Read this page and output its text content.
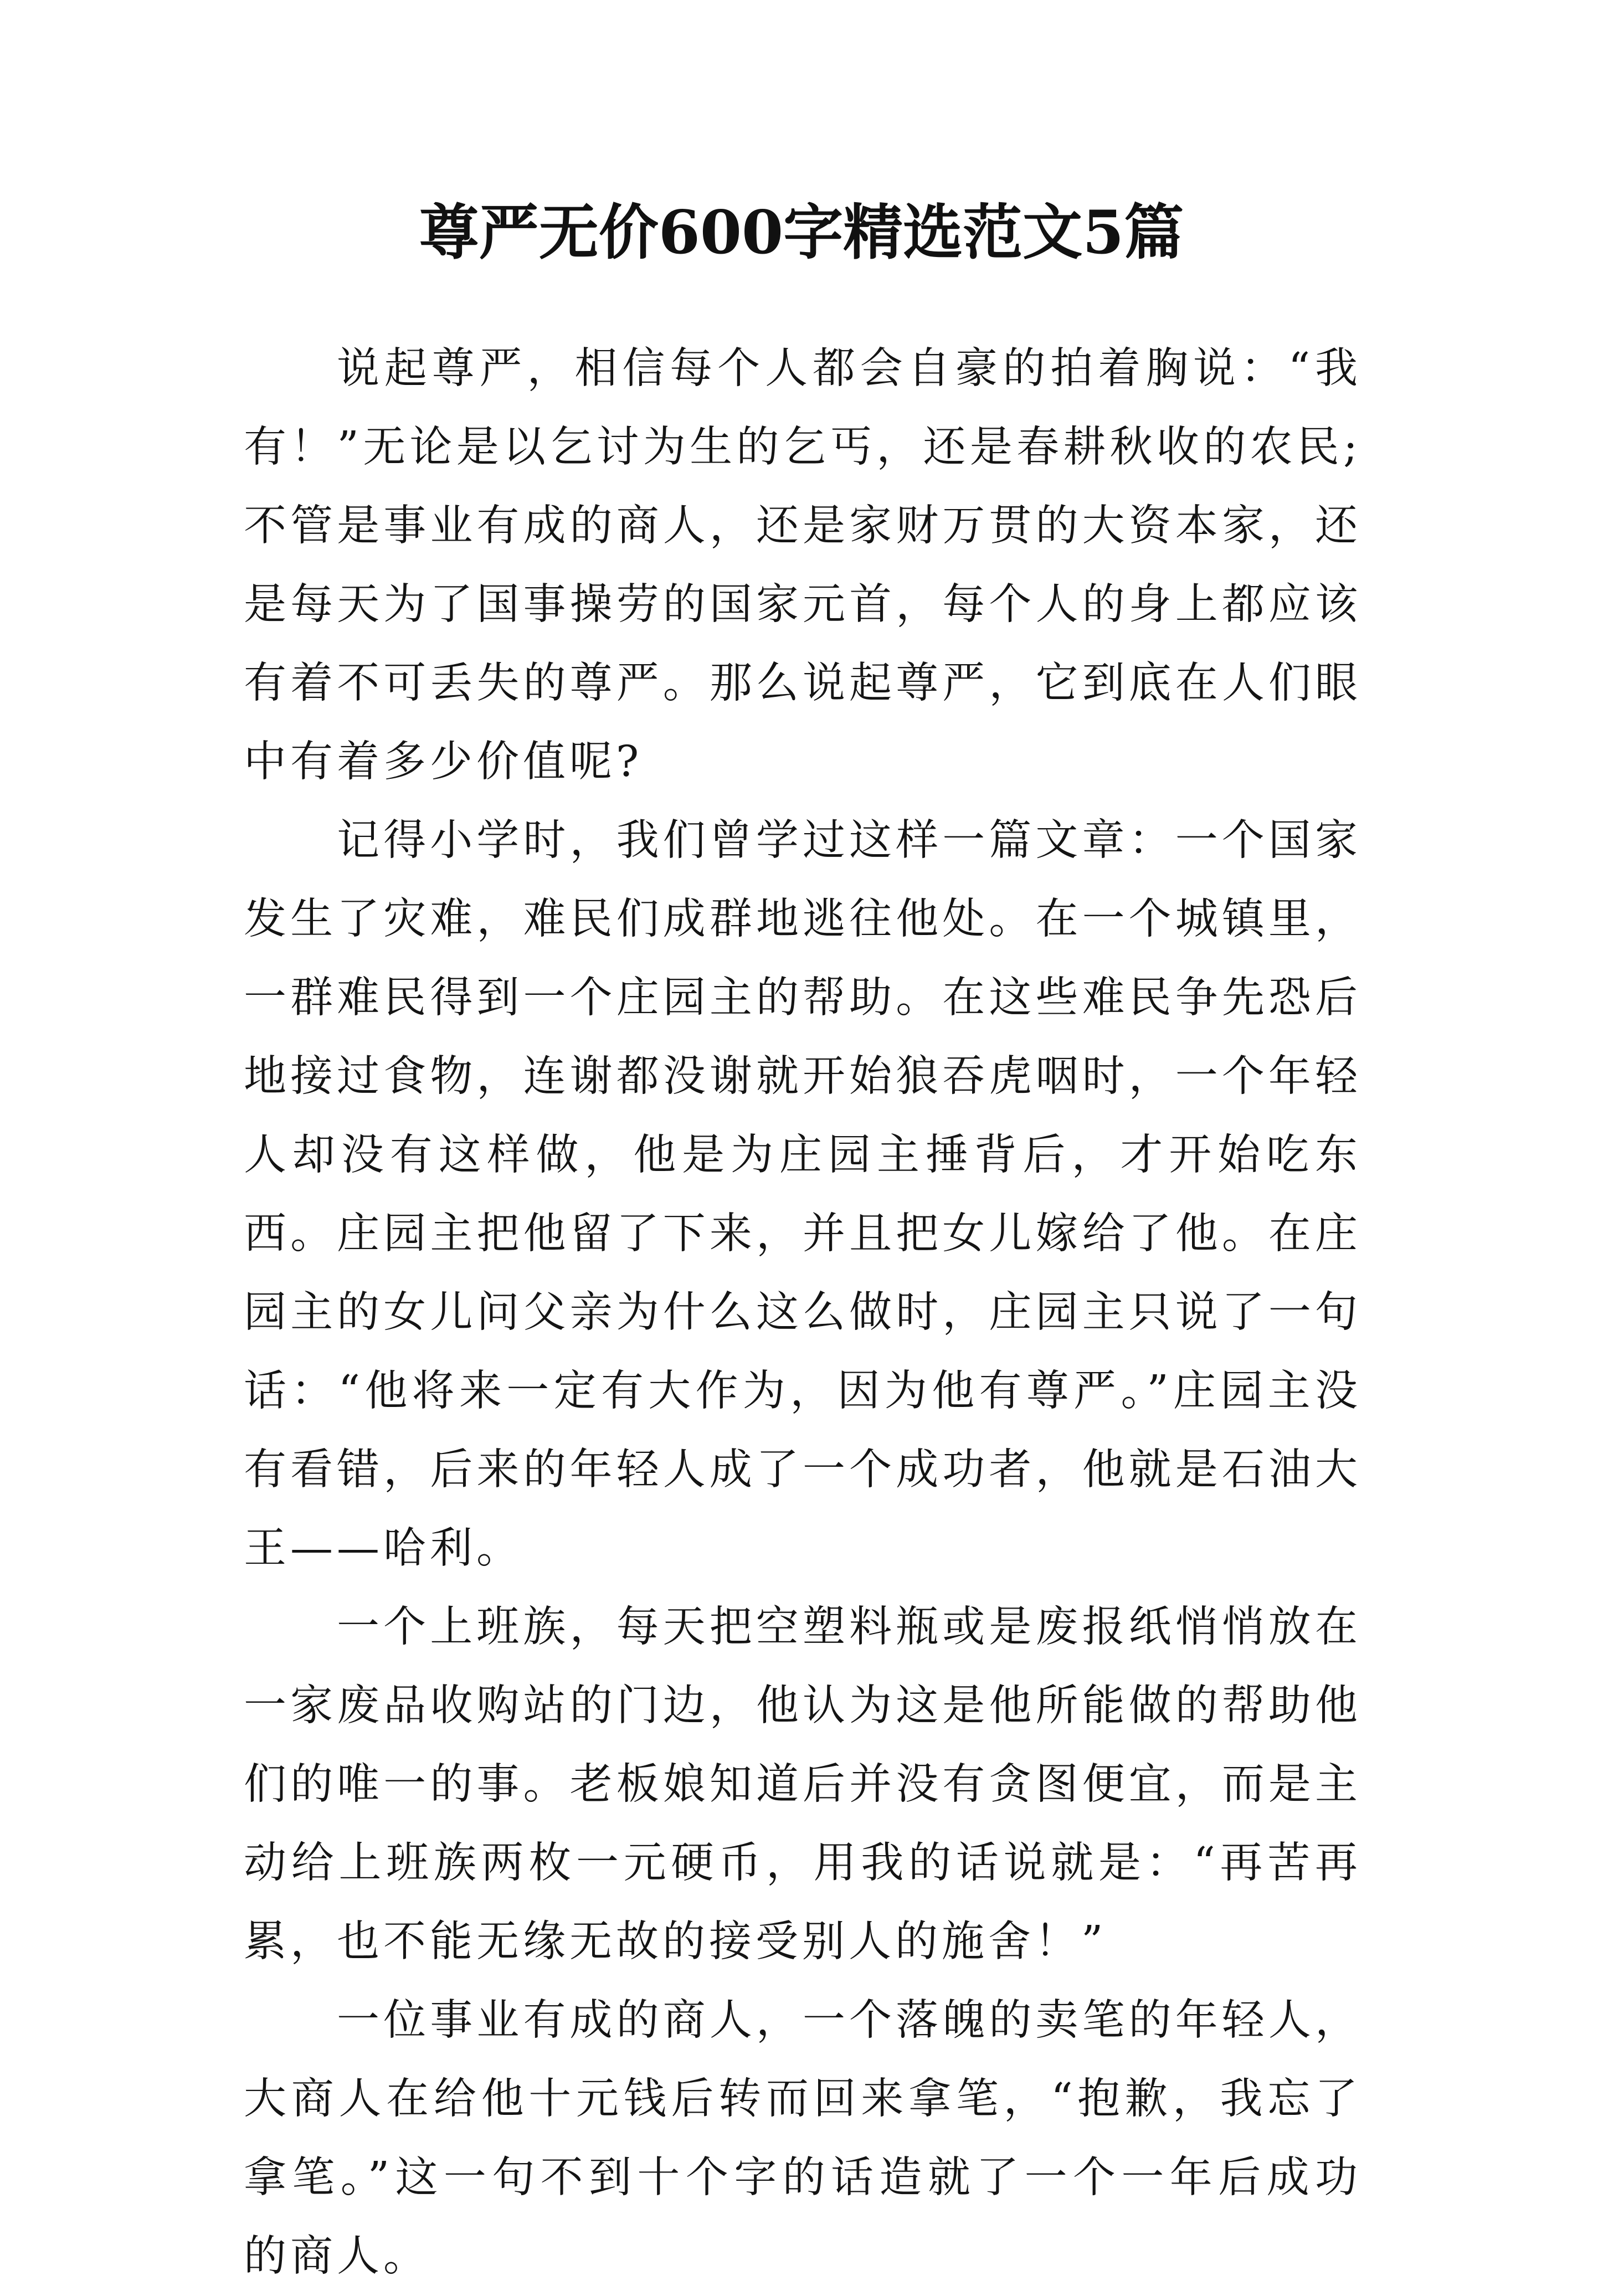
尊严无价600字精选范文5篇

说起尊严，相信每个人都会自豪的拍着胸说：“我有！”无论是以乞讨为生的乞丐，还是春耕秋收的农民;不管是事业有成的商人，还是家财万贯的大资本家，还是每天为了国事操劳的国家元首，每个人的身上都应该有着不可丢失的尊严。那么说起尊严，它到底在人们眼中有着多少价值呢?

记得小学时，我们曾学过这样一篇文章：一个国家发生了灾难，难民们成群地逃往他处。在一个城镇里，一群难民得到一个庄园主的帮助。在这些难民争先恐后地接过食物，连谢都没谢就开始狼吞虎咽时，一个年轻人却没有这样做，他是为庄园主捶背后，才开始吃东西。庄园主把他留了下来，并且把女儿嫁给了他。在庄园主的女儿问父亲为什么这么做时，庄园主只说了一句话：“他将来一定有大作为，因为他有尊严。”庄园主没有看错，后来的年轻人成了一个成功者，他就是石油大王——哈利。

一个上班族，每天把空塑料瓶或是废报纸悄悄放在一家废品收购站的门边，他认为这是他所能做的帮助他们的唯一的事。老板娘知道后并没有贪图便宜，而是主动给上班族两枚一元硬币，用我的话说就是：“再苦再累，也不能无缘无故的接受别人的施舍！”

一位事业有成的商人，一个落魄的卖笔的年轻人，大商人在给他十元钱后转而回来拿笔，“抱歉，我忘了拿笔。”这一句不到十个字的话造就了一个一年后成功的商人。
